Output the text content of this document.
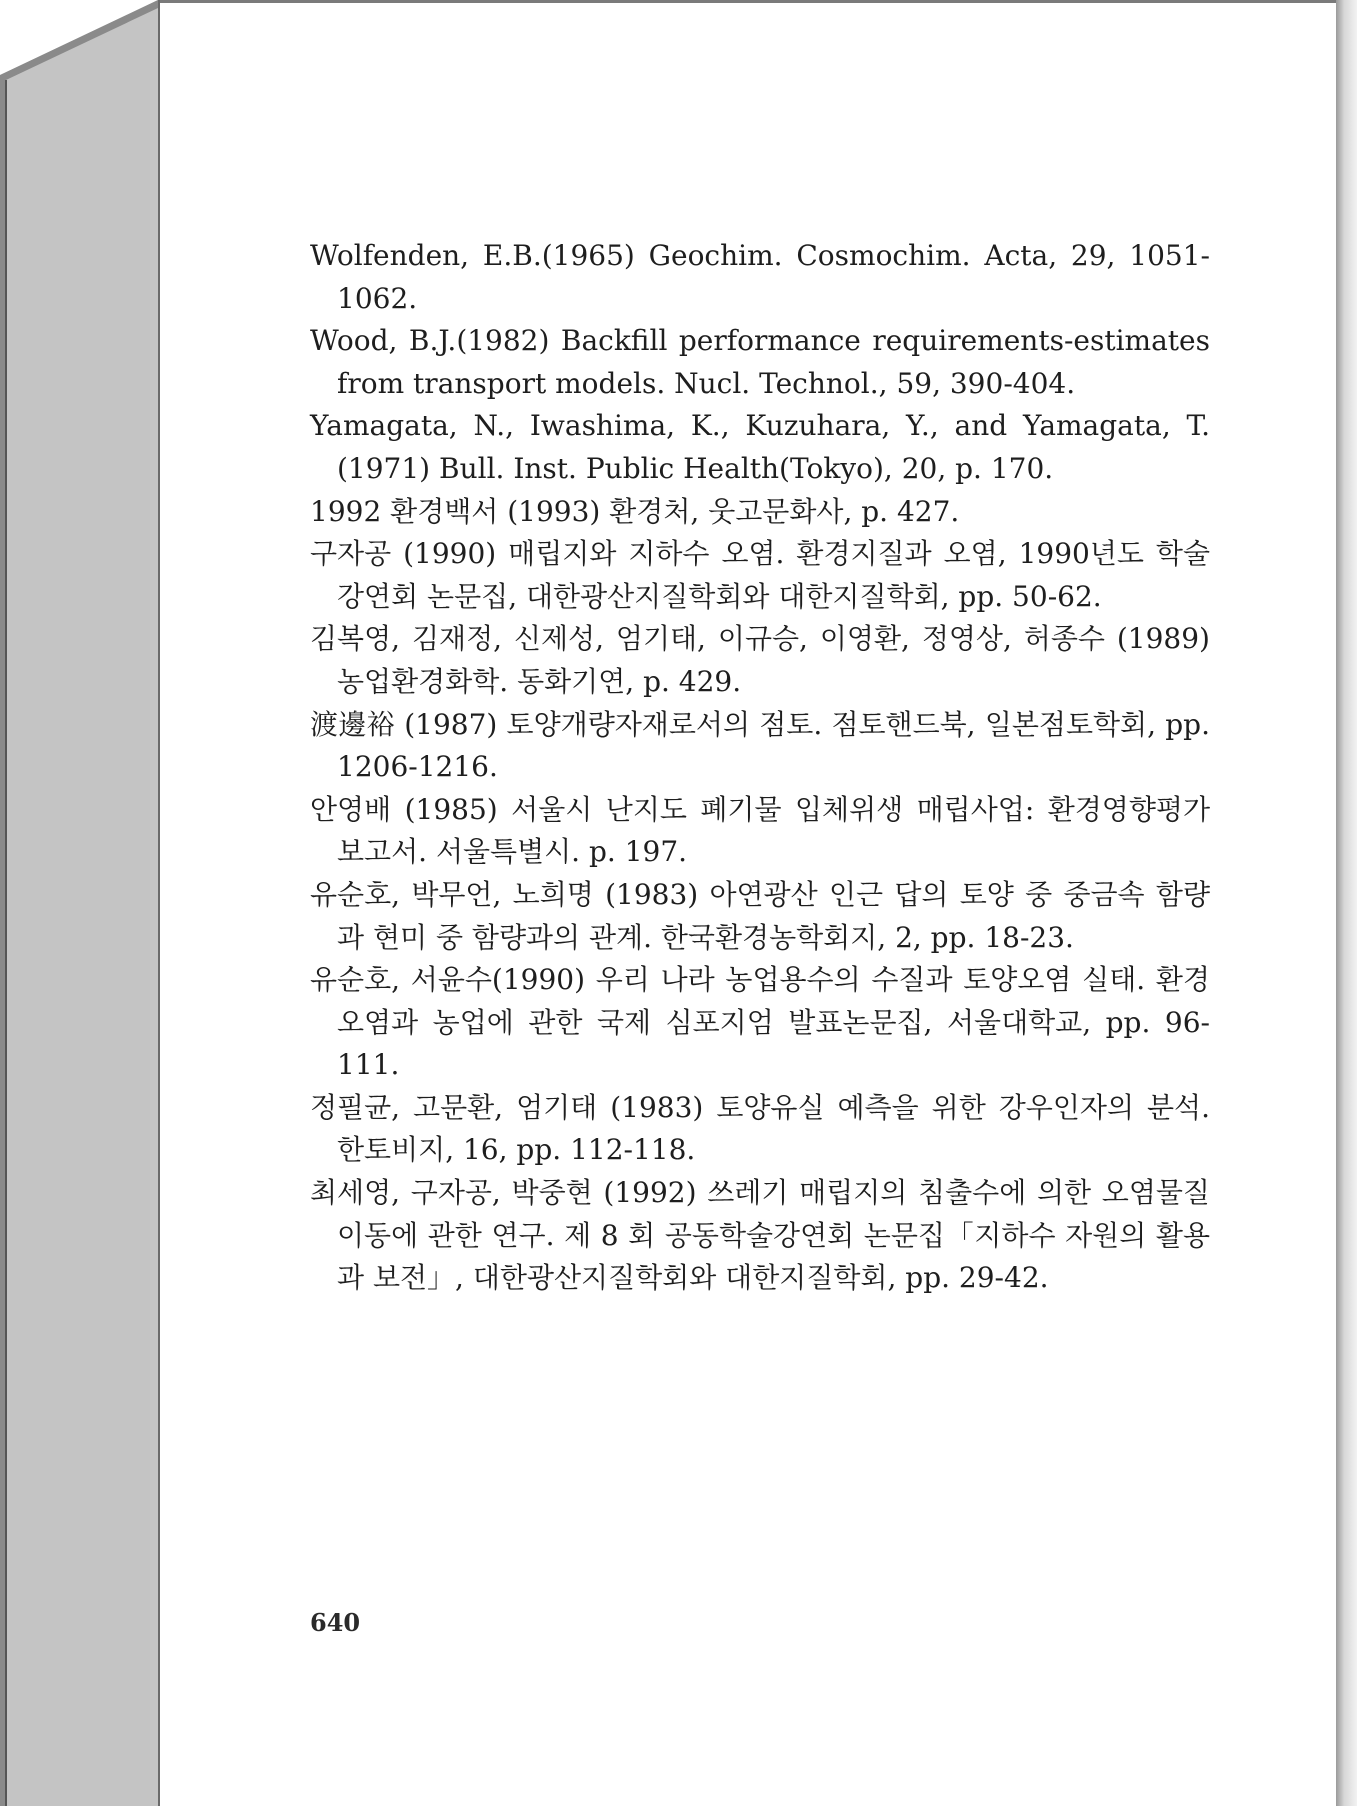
Wolfenden, E.B.(1965) Geochim. Cosmochim. Acta, 29, 1051-1062.
Wood, B.J.(1982) Backfill performance requirements-estimates from transport models. Nucl. Technol., 59, 390-404.
Yamagata, N., Iwashima, K., Kuzuhara, Y., and Yamagata, T.(1971) Bull. Inst. Public Health(Tokyo), 20, p. 170.
1992 환경백서 (1993) 환경처, 웃고문화사, p. 427.
구자공 (1990) 매립지와 지하수 오염. 환경지질과 오염, 1990년도 학술강연회 논문집, 대한광산지질학회와 대한지질학회, pp. 50-62.
김복영, 김재정, 신제성, 엄기태, 이규승, 이영환, 정영상, 허종수 (1989) 농업환경화학. 동화기연, p. 429.
渡邊裕 (1987) 토양개량자재로서의 점토. 점토핸드북, 일본점토학회, pp. 1206-1216.
안영배 (1985) 서울시 난지도 폐기물 입체위생 매립사업: 환경영향평가 보고서. 서울특별시. p. 197.
유순호, 박무언, 노희명 (1983) 아연광산 인근 답의 토양 중 중금속 함량과 현미 중 함량과의 관계. 한국환경농학회지, 2, pp. 18-23.
유순호, 서윤수(1990) 우리 나라 농업용수의 수질과 토양오염 실태. 환경오염과 농업에 관한 국제 심포지엄 발표논문집, 서울대학교, pp. 96-111.
정필균, 고문환, 엄기태 (1983) 토양유실 예측을 위한 강우인자의 분석. 한토비지, 16, pp. 112-118.
최세영, 구자공, 박중현 (1992) 쓰레기 매립지의 침출수에 의한 오염물질 이동에 관한 연구. 제 8 회 공동학술강연회 논문집「지하수 자원의 활용과 보전」, 대한광산지질학회와 대한지질학회, pp. 29-42.
640
